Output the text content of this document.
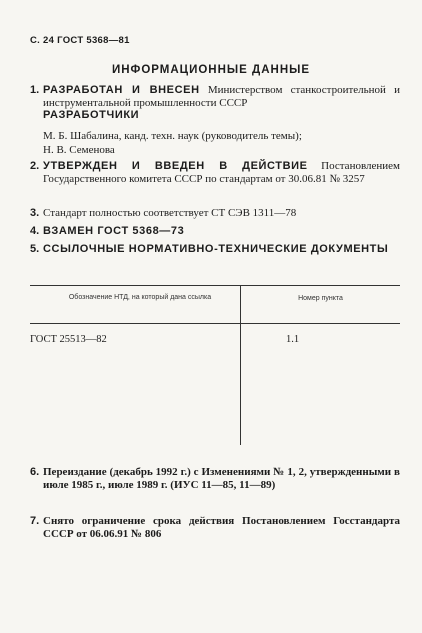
С. 24 ГОСТ 5368—81
ИНФОРМАЦИОННЫЕ ДАННЫЕ
1. РАЗРАБОТАН И ВНЕСЕН Министерством станкостроительной и инструментальной промышленности СССР
РАЗРАБОТЧИКИ
М. Б. Шабалина, канд. техн. наук (руководитель темы);
Н. В. Семенова
2. УТВЕРЖДЕН И ВВЕДЕН В ДЕЙСТВИЕ Постановлением Государственного комитета СССР по стандартам от 30.06.81 № 3257
3. Стандарт полностью соответствует СТ СЭВ 1311—78
4. ВЗАМЕН ГОСТ 5368—73
5. ССЫЛОЧНЫЕ НОРМАТИВНО-ТЕХНИЧЕСКИЕ ДОКУМЕНТЫ
Обозначение НТД, на который дана ссылка	Номер пункта
ГОСТ 25513—82	1.1
6. Переиздание (декабрь 1992 г.) с Изменениями № 1, 2, утвержденными в июле 1985 г., июле 1989 г. (ИУС 11—85, 11—89)
7. Снято ограничение срока действия Постановлением Госстандарта СССР от 06.06.91 № 806
